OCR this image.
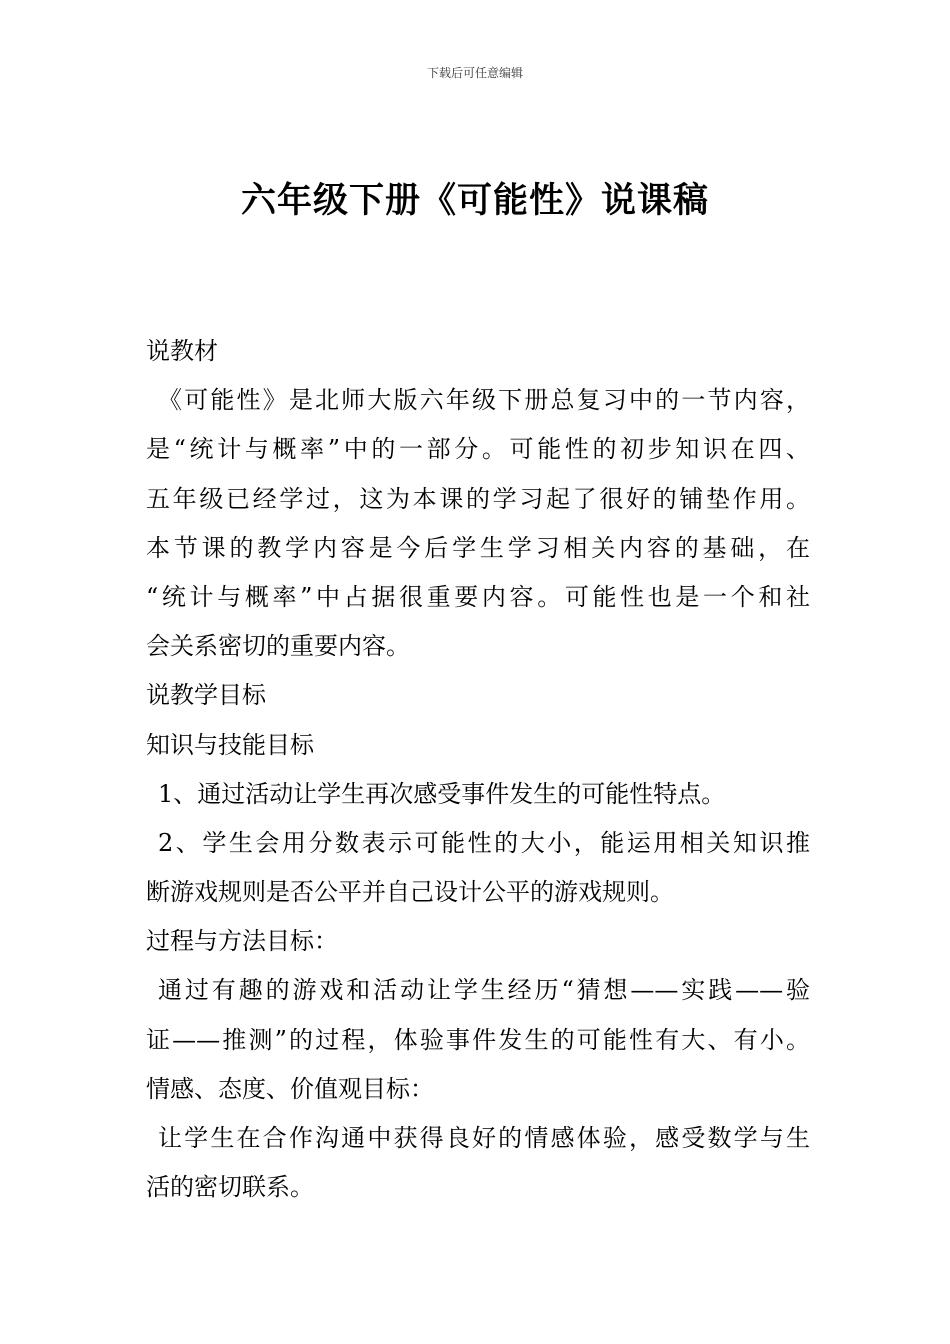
下载后可任意编辑
六年级下册《可能性》说课稿
说教材
《可能性》是北师大版六年级下册总复习中的一节内容，
是“统计与概率”中的一部分。可能性的初步知识在四、
五年级已经学过，这为本课的学习起了很好的铺垫作用。
本节课的教学内容是今后学生学习相关内容的基础，在
“统计与概率”中占据很重要内容。可能性也是一个和社
会关系密切的重要内容。
说教学目标
知识与技能目标
1、通过活动让学生再次感受事件发生的可能性特点。
2、学生会用分数表示可能性的大小，能运用相关知识推
断游戏规则是否公平并自己设计公平的游戏规则。
过程与方法目标：
通过有趣的游戏和活动让学生经历“猜想——实践——验
证——推测”的过程，体验事件发生的可能性有大、有小。
情感、态度、价值观目标：
让学生在合作沟通中获得良好的情感体验，感受数学与生
活的密切联系。
